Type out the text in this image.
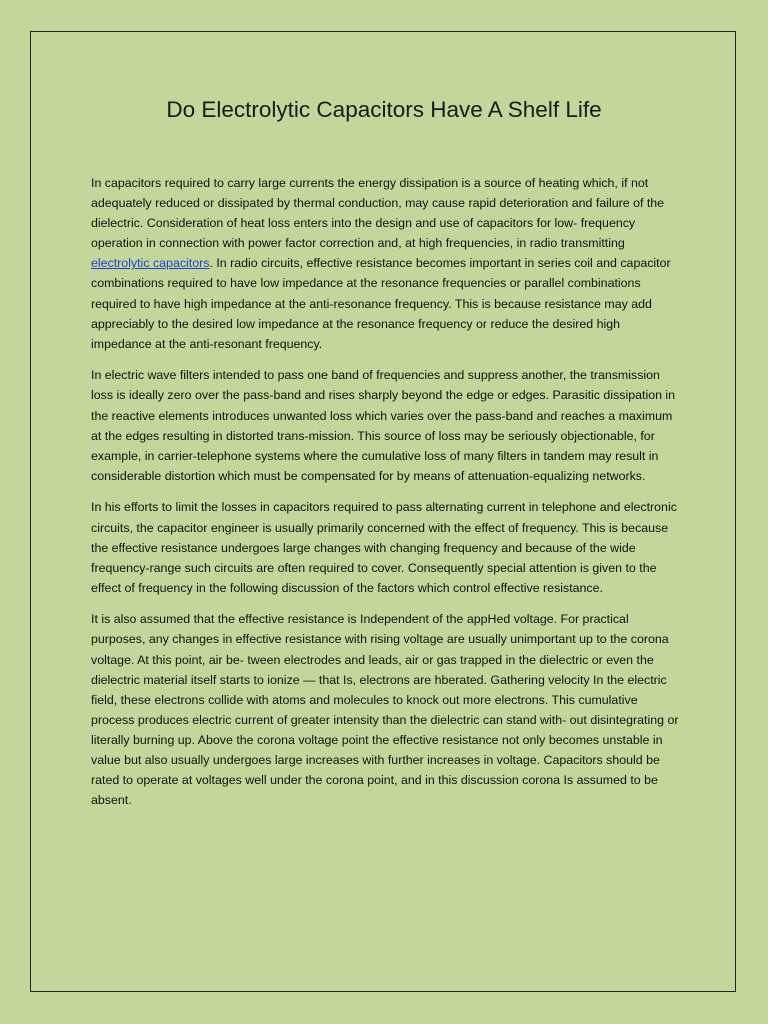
Do Electrolytic Capacitors Have A Shelf Life

In capacitors required to carry large currents the energy dissipation is a source of heating which, if not adequately reduced or dissipated by thermal conduction, may cause rapid deterioration and failure of the dielectric. Consideration of heat loss enters into the design and use of capacitors for low- frequency operation in connection with power factor correction and, at high frequencies, in radio transmitting electrolytic capacitors. In radio circuits, effective resistance becomes important in series coil and capacitor combinations required to have low impedance at the resonance frequencies or parallel combinations required to have high impedance at the anti-resonance frequency. This is because resistance may add appreciably to the desired low impedance at the resonance frequency or reduce the desired high impedance at the anti-resonant frequency.

In electric wave filters intended to pass one band of frequencies and suppress another, the transmission loss is ideally zero over the pass-band and rises sharply beyond the edge or edges. Parasitic dissipation in the reactive elements introduces unwanted loss which varies over the pass-band and reaches a maximum at the edges resulting in distorted trans-mission. This source of loss may be seriously objectionable, for example, in carrier-telephone systems where the cumulative loss of many filters in tandem may result in considerable distortion which must be compensated for by means of attenuation-equalizing networks.

In his efforts to limit the losses in capacitors required to pass alternating current in telephone and electronic circuits, the capacitor engineer is usually primarily concerned with the effect of frequency. This is because the effective resistance undergoes large changes with changing frequency and because of the wide frequency-range such circuits are often required to cover. Consequently special attention is given to the effect of frequency in the following discussion of the factors which control effective resistance.

It is also assumed that the effective resistance is Independent of the appHed voltage. For practical purposes, any changes in effective resistance with rising voltage are usually unimportant up to the corona voltage. At this point, air be- tween electrodes and leads, air or gas trapped in the dielectric or even the dielectric material itself starts to ionize — that Is, electrons are hberated. Gathering velocity In the electric field, these electrons collide with atoms and molecules to knock out more electrons. This cumulative process produces electric current of greater intensity than the dielectric can stand with- out disintegrating or literally burning up. Above the corona voltage point the effective resistance not only becomes unstable in value but also usually undergoes large increases with further increases in voltage. Capacitors should be rated to operate at voltages well under the corona point, and in this discussion corona Is assumed to be absent.
